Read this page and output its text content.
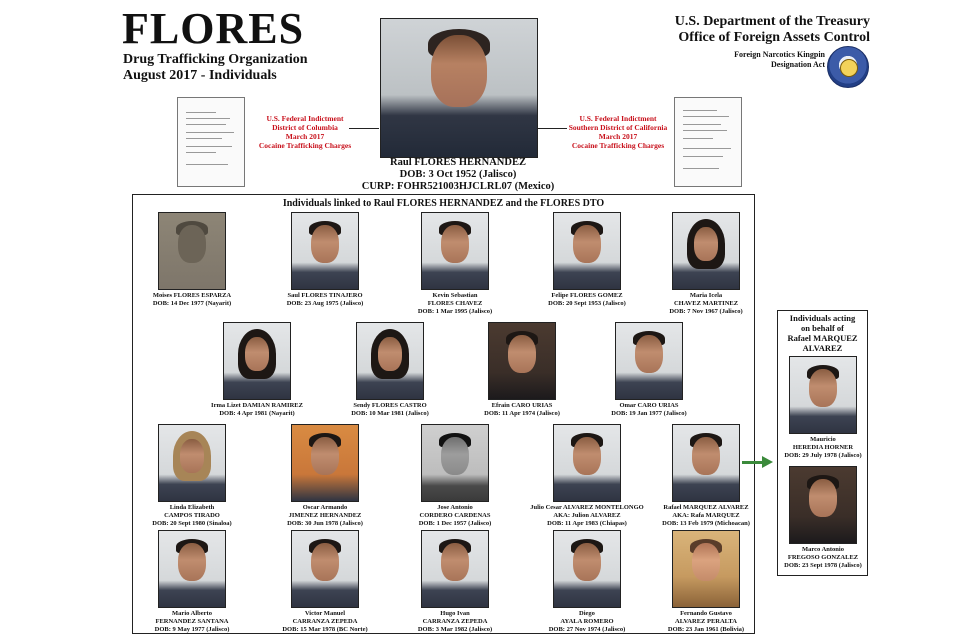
FLORES
Drug Trafficking Organization
August 2017 - Individuals
U.S. Department of the Treasury
Office of Foreign Assets Control
Foreign Narcotics Kingpin
Designation Act
U.S. Federal Indictment
District of Columbia
March 2017
Cocaine Trafficking Charges
U.S. Federal Indictment
Southern District of California
March 2017
Cocaine Trafficking Charges
Raul FLORES HERNANDEZ
DOB: 3 Oct 1952 (Jalisco)
CURP: FOHR521003HJCLRL07 (Mexico)
Individuals linked to Raul FLORES HERNANDEZ and the FLORES DTO
Moises FLORES ESPARZA
DOB: 14 Dec 1977 (Nayarit)
Saul FLORES TINAJERO
DOB: 23 Aug 1975 (Jalisco)
Kevin Sebastian
FLORES CHAVEZ
DOB: 1 Mar 1995 (Jalisco)
Felipe FLORES GOMEZ
DOB: 20 Sept 1953 (Jalisco)
Maria Icela
CHAVEZ MARTINEZ
DOB: 7 Nov 1967 (Jalisco)
Irma Lizet DAMIAN RAMIREZ
DOB: 4 Apr 1981 (Nayarit)
Sendy FLORES CASTRO
DOB: 10 Mar 1981 (Jalisco)
Efrain CARO URIAS
DOB: 11 Apr 1974 (Jalisco)
Omar CARO URIAS
DOB: 19 Jan 1977 (Jalisco)
Linda Elizabeth
CAMPOS TIRADO
DOB: 20 Sept 1980 (Sinaloa)
Oscar Armando
JIMENEZ HERNANDEZ
DOB: 30 Jun 1978 (Jalisco)
Jose Antonio
CORDERO CARDENAS
DOB: 1 Dec 1957 (Jalisco)
Julio Cesar ALVAREZ MONTELONGO
AKA: Julion ALVAREZ
DOB: 11 Apr 1983 (Chiapas)
Rafael MARQUEZ ALVAREZ
AKA: Rafa MARQUEZ
DOB: 13 Feb 1979 (Michoacan)
Mario Alberto
FERNANDEZ SANTANA
DOB: 9 May 1977 (Jalisco)
Victor Manuel
CARRANZA ZEPEDA
DOB: 15 Mar 1978 (BC Norte)
Hugo Ivan
CARRANZA ZEPEDA
DOB: 3 Mar 1982 (Jalisco)
Diego
AYALA ROMERO
DOB: 27 Nov 1974 (Jalisco)
Fernando Gustavo
ALVAREZ PERALTA
DOB: 23 Jan 1961 (Bolivia)
Individuals acting
on behalf of
Rafael MARQUEZ
ALVAREZ
Mauricio
HEREDIA HORNER
DOB: 29 July 1978 (Jalisco)
Marco Antonio
FREGOSO GONZALEZ
DOB: 23 Sept 1978 (Jalisco)
